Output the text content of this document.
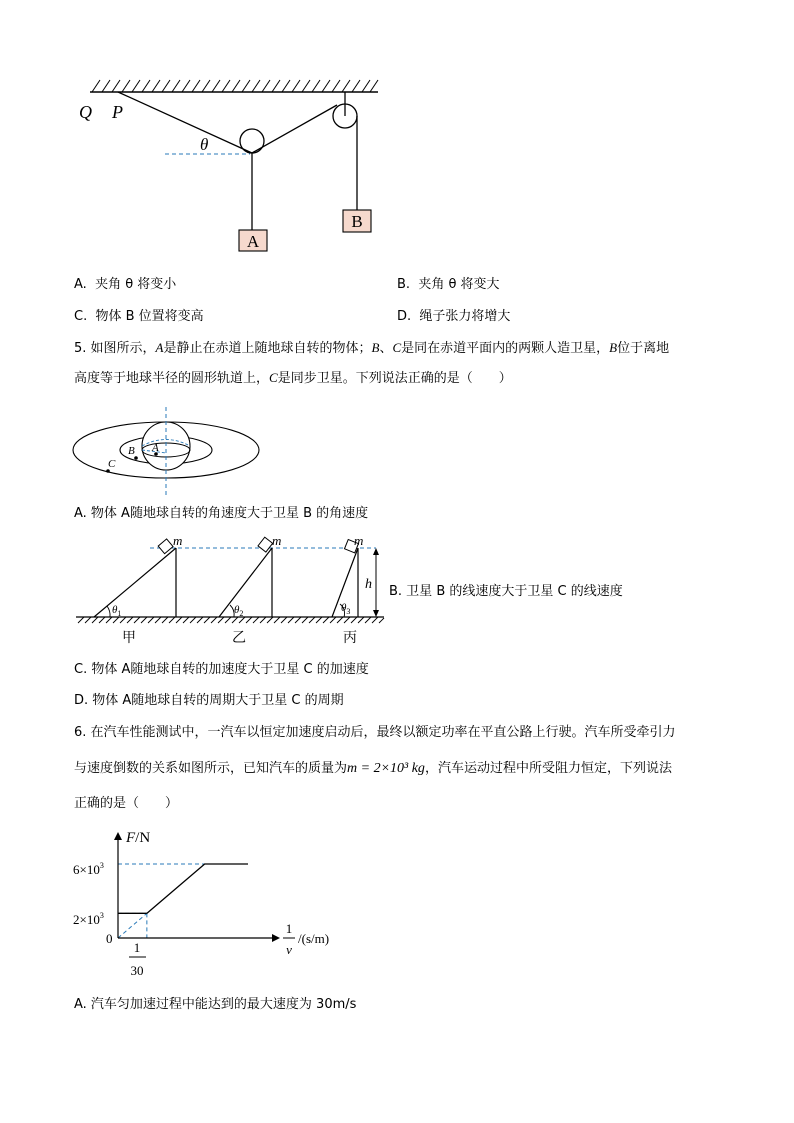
A
B
Q P
θ
A. 夹角 θ 将变小	B. 夹角 θ 将变大
C. 物体 B 位置将变高	D. 绳子张力将增大
5. 如图所示，A是静止在赤道上随地球自转的物体；B、C是同在赤道平面内的两颗人造卫星，B位于离地
高度等于地球半径的圆形轨道上，C是同步卫星。下列说法正确的是（　　）
A
B
C
A. 物体 A随地球自转的角速度大于卫星 B 的角速度
m
$\theta_1$
m
$\theta_2$
m
$\theta_3$
h
甲	乙	丙
B. 卫星 B 的线速度大于卫星 C 的线速度
C. 物体 A随地球自转的加速度大于卫星 C 的加速度
D. 物体 A随地球自转的周期大于卫星 C 的周期
6. 在汽车性能测试中，一汽车以恒定加速度启动后，最终以额定功率在平直公路上行驶。汽车所受牵引力
与速度倒数的关系如图所示，已知汽车的质量为m = 2×10³ kg，汽车运动过程中所受阻力恒定，下列说法
正确的是（　　）
F/N
$6\times 10^3$
$2\times 10^3$
0
1
30
1
v
/(s/m)
A. 汽车匀加速过程中能达到的最大速度为 30m/s
